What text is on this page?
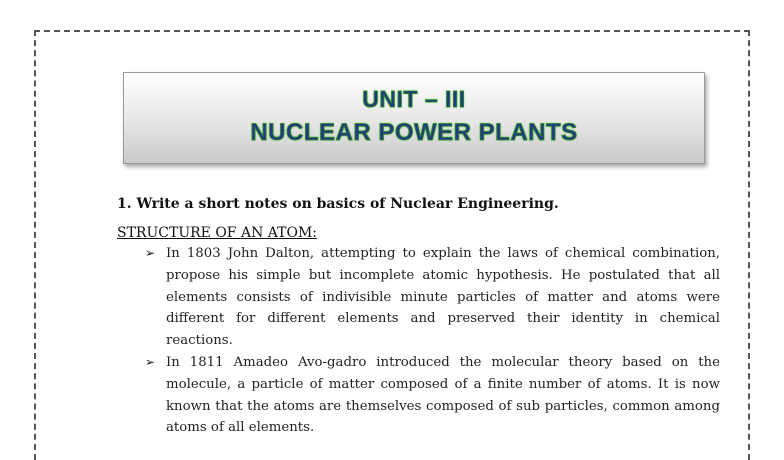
UNIT – III
NUCLEAR POWER PLANTS
1. Write a short notes on basics of Nuclear Engineering.
STRUCTURE OF AN ATOM:
➢ In 1803 John Dalton, attempting to explain the laws of chemical combination, propose his simple but incomplete atomic hypothesis. He postulated that all elements consists of indivisible minute particles of matter and atoms were different for different elements and preserved their identity in chemical reactions.
➢ In 1811 Amadeo Avo-gadro introduced the molecular theory based on the molecule, a particle of matter composed of a finite number of atoms. It is now known that the atoms are themselves composed of sub particles, common among atoms of all elements.
